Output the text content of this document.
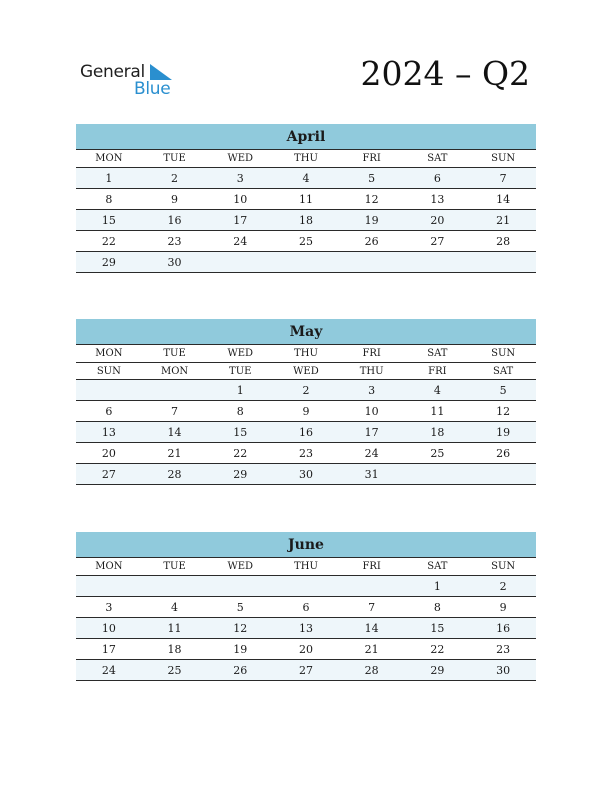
General
Blue	2024 – Q2
April
MON	TUE	WED	THU	FRI	SAT	SUN
1	2	3	4	5	6	7
8	9	10	11	12	13	14
15	16	17	18	19	20	21
22	23	24	25	26	27	28
29	30					
May
MON	TUE	WED	THU	FRI	SAT	SUN
SUN	MON	TUE	WED	THU	FRI	SAT
		1	2	3	4	5
6	7	8	9	10	11	12
13	14	15	16	17	18	19
20	21	22	23	24	25	26
27	28	29	30	31		
June
MON	TUE	WED	THU	FRI	SAT	SUN
					1	2
3	4	5	6	7	8	9
10	11	12	13	14	15	16
17	18	19	20	21	22	23
24	25	26	27	28	29	30
